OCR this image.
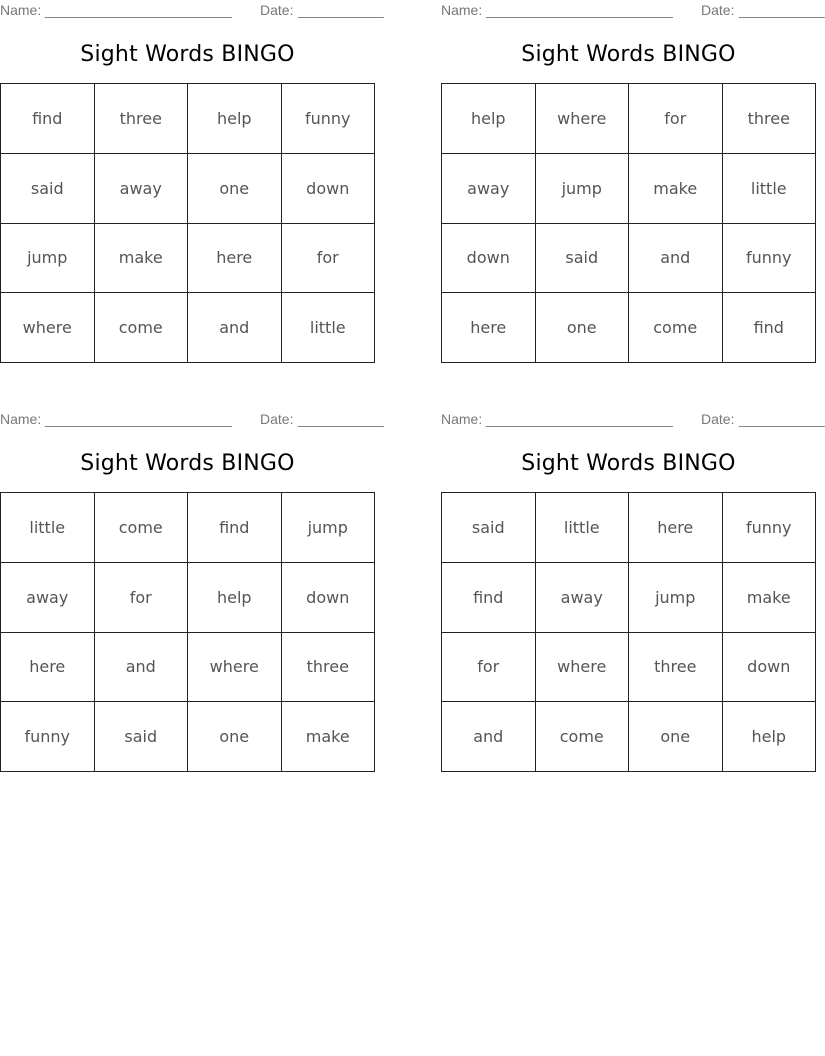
Name: ________________________ Date: ___________
Sight Words BINGO
find	three	help	funny
said	away	one	down
jump	make	here	for
where	come	and	little
Name: ________________________ Date: ___________
Sight Words BINGO
help	where	for	three
away	jump	make	little
down	said	and	funny
here	one	come	find
Name: ________________________ Date: ___________
Sight Words BINGO
little	come	find	jump
away	for	help	down
here	and	where	three
funny	said	one	make
Name: ________________________ Date: ___________
Sight Words BINGO
said	little	here	funny
find	away	jump	make
for	where	three	down
and	come	one	help
